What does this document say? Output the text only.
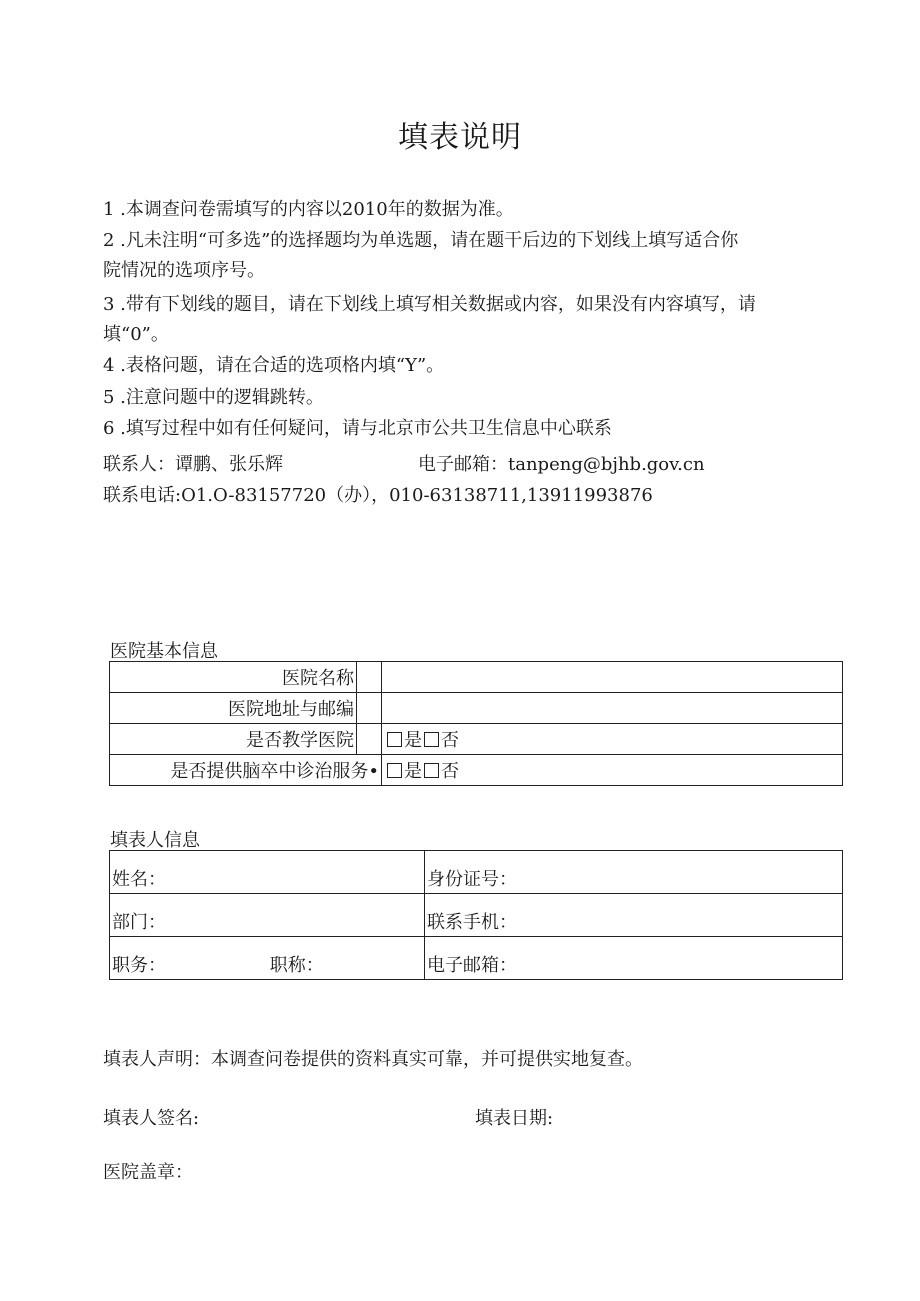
填表说明
1 .本调查问卷需填写的内容以2010年的数据为准。
2 .凡未注明“可多选”的选择题均为单选题，请在题干后边的下划线上填写适合你
院情况的选项序号。
3 .带有下划线的题目，请在下划线上填写相关数据或内容，如果没有内容填写，请
填“0”。
4 .表格问题，请在合适的选项格内填“Y”。
5 .注意问题中的逻辑跳转。
6 .填写过程中如有任何疑问，请与北京市公共卫生信息中心联系
联系人：谭鹏、张乐辉	电子邮箱：tanpeng@bjhb.gov.cn
联系电话:O1.O-83157720（办），010-63138711,13911993876
医院基本信息
医院名称		
医院地址与邮编		
是否教学医院		是 否
是否提供脑卒中诊治服务•		是 否
填表人信息
姓名：	身份证号：
部门：	联系手机：
职务： 职称：	电子邮箱：
填表人声明：本调查问卷提供的资料真实可靠，并可提供实地复查。
填表人签名:	填表日期:
医院盖章：
